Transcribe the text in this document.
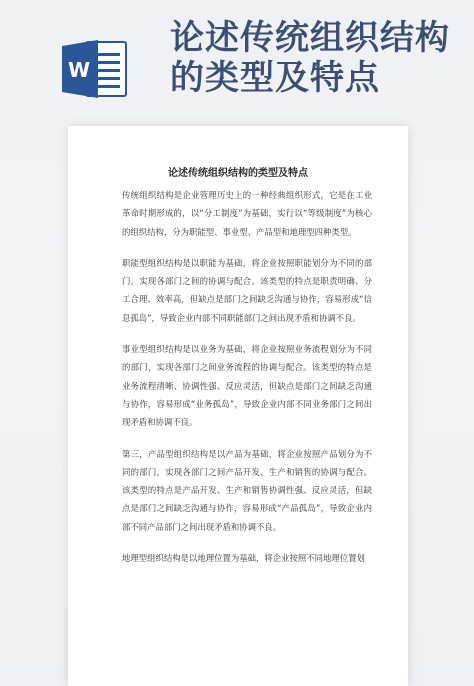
W
论述传统组织结构
的类型及特点
论述传统组织结构的类型及特点

传统组织结构是企业管理历史上的一种经典组织形式，它是在工业革命时期形成的，以“分工制度”为基础，实行以“等级制度”为核心的组织结构，分为职能型、事业型、产品型和地理型四种类型。

职能型组织结构是以职能为基础，将企业按照职能划分为不同的部门，实现各部门之间的协调与配合。该类型的特点是职责明确、分工合理、效率高，但缺点是部门之间缺乏沟通与协作，容易形成“信息孤岛”，导致企业内部不同职能部门之间出现矛盾和协调不良。

事业型组织结构是以业务为基础，将企业按照业务流程划分为不同的部门，实现各部门之间业务流程的协调与配合。该类型的特点是业务流程清晰、协调性强、反应灵活，但缺点是部门之间缺乏沟通与协作，容易形成“业务孤岛”，导致企业内部不同业务部门之间出现矛盾和协调不良。

第三，产品型组织结构是以产品为基础，将企业按照产品划分为不同的部门，实现各部门之间产品开发、生产和销售的协调与配合。该类型的特点是产品开发、生产和销售协调性强、反应灵活，但缺点是部门之间缺乏沟通与协作，容易形成“产品孤岛”，导致企业内部不同产品部门之间出现矛盾和协调不良。

地理型组织结构是以地理位置为基础，将企业按照不同地理位置划
